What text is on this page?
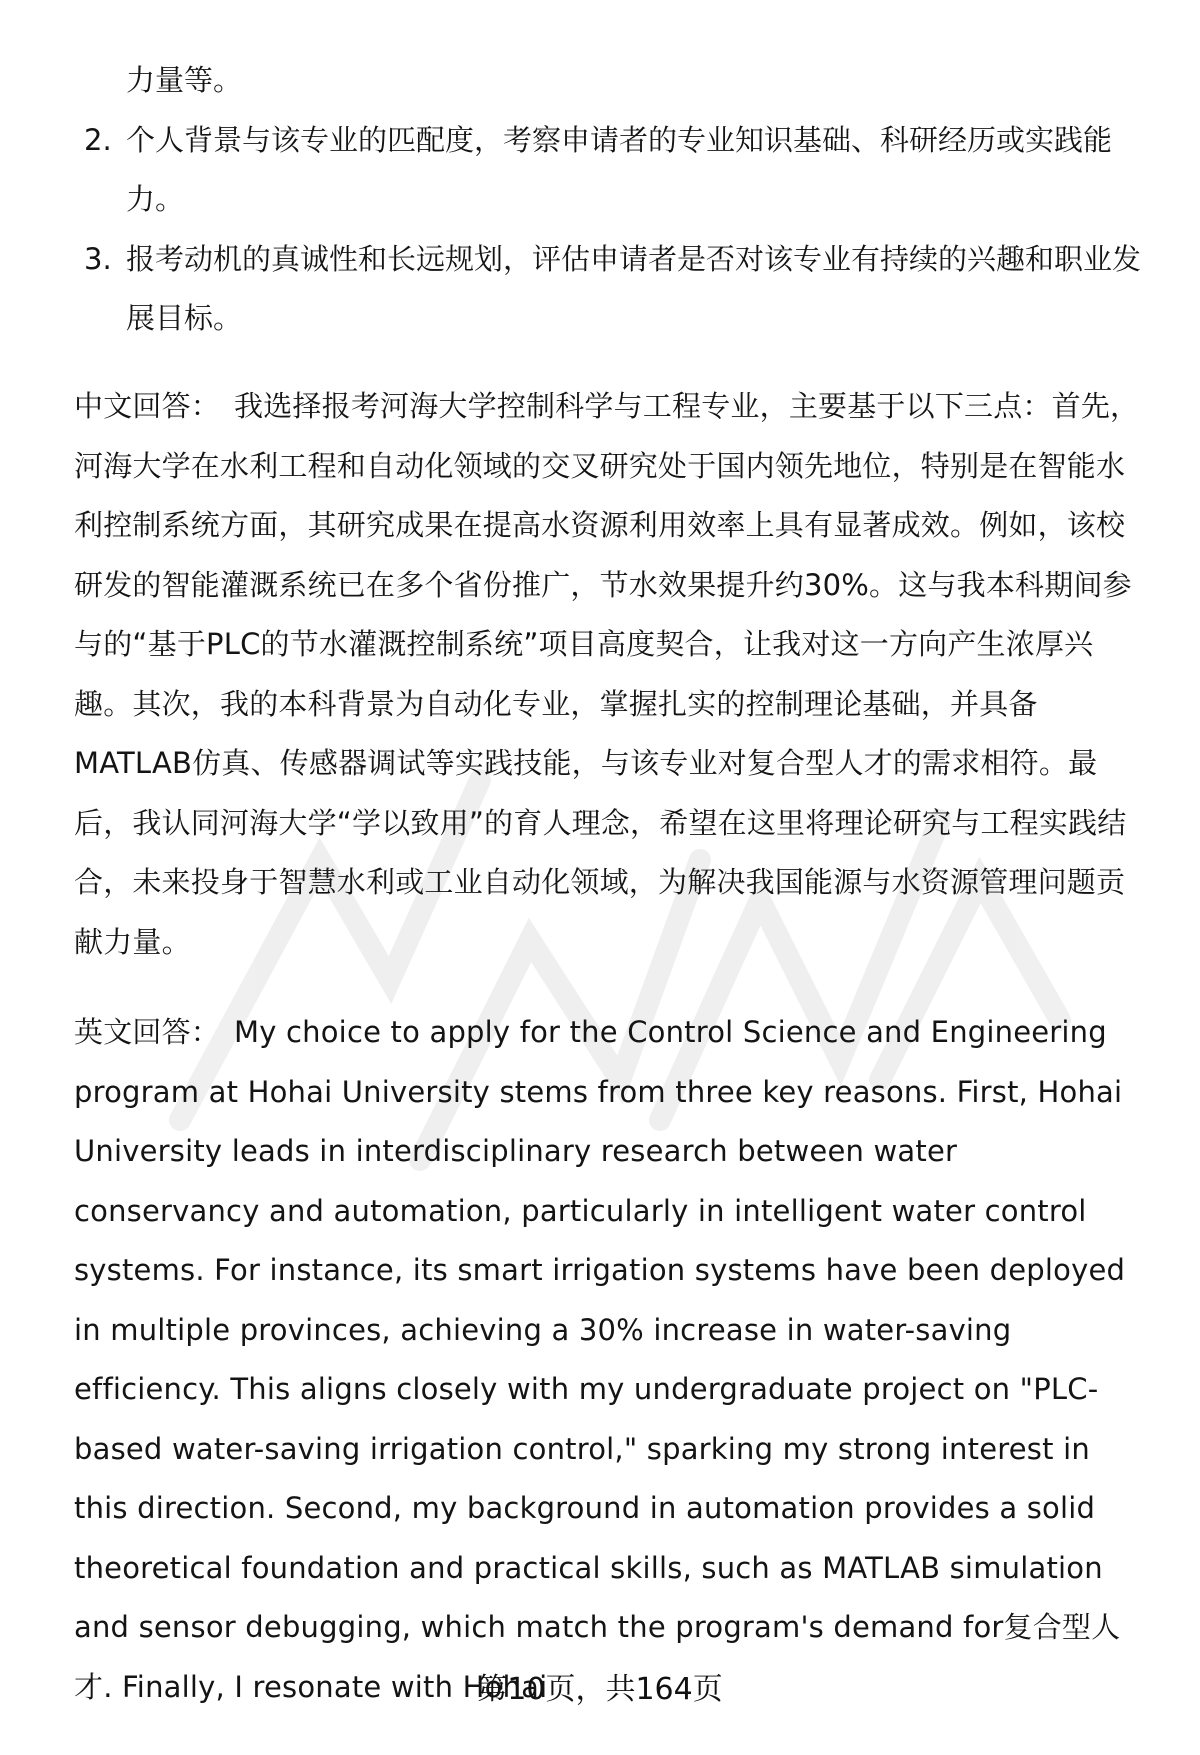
力量等。
2. 个人背景与该专业的匹配度，考察申请者的专业知识基础、科研经历或实践能力。
3. 报考动机的真诚性和长远规划，评估申请者是否对该专业有持续的兴趣和职业发展目标。
中文回答： 我选择报考河海大学控制科学与工程专业，主要基于以下三点：首先，河海大学在水利工程和自动化领域的交叉研究处于国内领先地位，特别是在智能水利控制系统方面，其研究成果在提高水资源利用效率上具有显著成效。例如，该校研发的智能灌溉系统已在多个省份推广，节水效果提升约30%。这与我本科期间参与的“基于PLC的节水灌溉控制系统”项目高度契合，让我对这一方向产生浓厚兴趣。其次，我的本科背景为自动化专业，掌握扎实的控制理论基础，并具备MATLAB仿真、传感器调试等实践技能，与该专业对复合型人才的需求相符。最后，我认同河海大学“学以致用”的育人理念，希望在这里将理论研究与工程实践结合，未来投身于智慧水利或工业自动化领域，为解决我国能源与水资源管理问题贡献力量。
英文回答： My choice to apply for the Control Science and Engineering program at Hohai University stems from three key reasons. First, Hohai University leads in interdisciplinary research between water conservancy and automation, particularly in intelligent water control systems. For instance, its smart irrigation systems have been deployed in multiple provinces, achieving a 30% increase in water-saving efficiency. This aligns closely with my undergraduate project on "PLC-based water-saving irrigation control," sparking my strong interest in this direction. Second, my background in automation provides a solid theoretical foundation and practical skills, such as MATLAB simulation and sensor debugging, which match the program's demand for复合型人才. Finally, I resonate with Hohai
第10页，共164页
